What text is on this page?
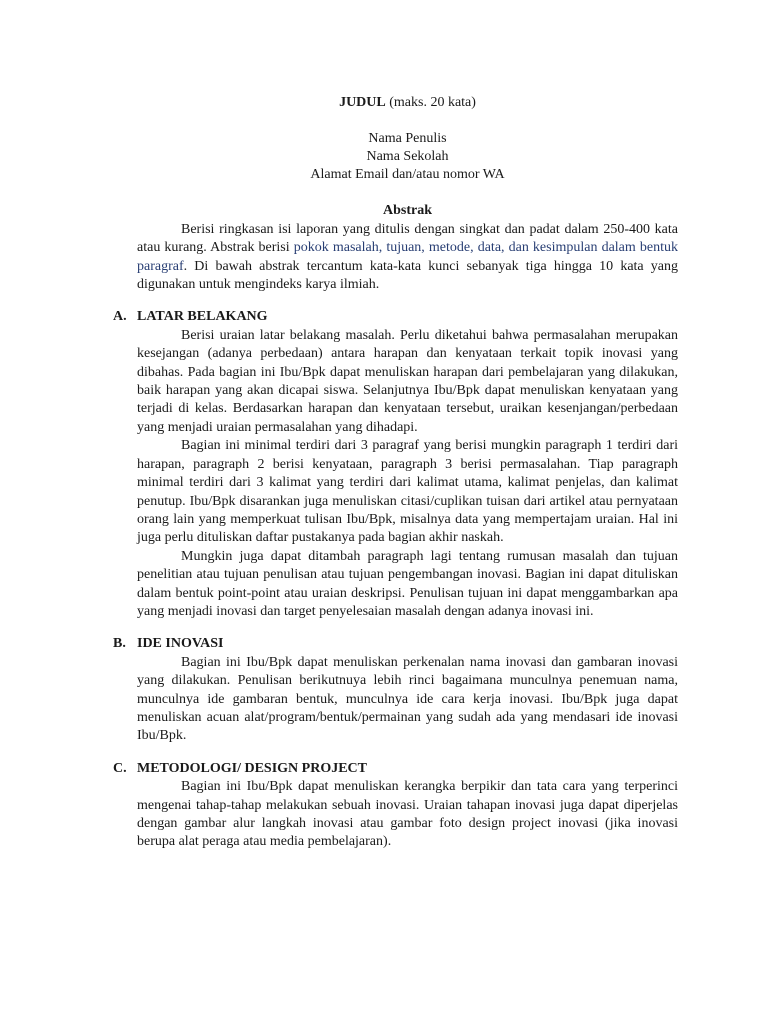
JUDUL (maks. 20 kata)
Nama Penulis
Nama Sekolah
Alamat Email dan/atau nomor WA
Abstrak

Berisi ringkasan isi laporan yang ditulis dengan singkat dan padat dalam 250-400 kata atau kurang. Abstrak berisi pokok masalah, tujuan, metode, data, dan kesimpulan dalam bentuk paragraf. Di bawah abstrak tercantum kata-kata kunci sebanyak tiga hingga 10 kata yang digunakan untuk mengindeks karya ilmiah.

A. LATAR BELAKANG

Berisi uraian latar belakang masalah. Perlu diketahui bahwa permasalahan merupakan kesejangan (adanya perbedaan) antara harapan dan kenyataan terkait topik inovasi yang dibahas. Pada bagian ini Ibu/Bpk dapat menuliskan harapan dari pembelajaran yang dilakukan, baik harapan yang akan dicapai siswa. Selanjutnya Ibu/Bpk dapat menuliskan kenyataan yang terjadi di kelas. Berdasarkan harapan dan kenyataan tersebut, uraikan kesenjangan/perbedaan yang menjadi uraian permasalahan yang dihadapi.

Bagian ini minimal terdiri dari 3 paragraf yang berisi mungkin paragraph 1 terdiri dari harapan, paragraph 2 berisi kenyataan, paragraph 3 berisi permasalahan. Tiap paragraph minimal terdiri dari 3 kalimat yang terdiri dari kalimat utama, kalimat penjelas, dan kalimat penutup. Ibu/Bpk disarankan juga menuliskan citasi/cuplikan tuisan dari artikel atau pernyataan orang lain yang memperkuat tulisan Ibu/Bpk, misalnya data yang mempertajam uraian. Hal ini juga perlu dituliskan daftar pustakanya pada bagian akhir naskah.

Mungkin juga dapat ditambah paragraph lagi tentang rumusan masalah dan tujuan penelitian atau tujuan penulisan atau tujuan pengembangan inovasi. Bagian ini dapat dituliskan dalam bentuk point-point atau uraian deskripsi. Penulisan tujuan ini dapat menggambarkan apa yang menjadi inovasi dan target penyelesaian masalah dengan adanya inovasi ini.

B. IDE INOVASI

Bagian ini Ibu/Bpk dapat menuliskan perkenalan nama inovasi dan gambaran inovasi yang dilakukan. Penulisan berikutnuya lebih rinci bagaimana munculnya penemuan nama, munculnya ide gambaran bentuk, munculnya ide cara kerja inovasi. Ibu/Bpk juga dapat menuliskan acuan alat/program/bentuk/permainan yang sudah ada yang mendasari ide inovasi Ibu/Bpk.

C. METODOLOGI/ DESIGN PROJECT

Bagian ini Ibu/Bpk dapat menuliskan kerangka berpikir dan tata cara yang terperinci mengenai tahap-tahap melakukan sebuah inovasi. Uraian tahapan inovasi juga dapat diperjelas dengan gambar alur langkah inovasi atau gambar foto design project inovasi (jika inovasi berupa alat peraga atau media pembelajaran).
